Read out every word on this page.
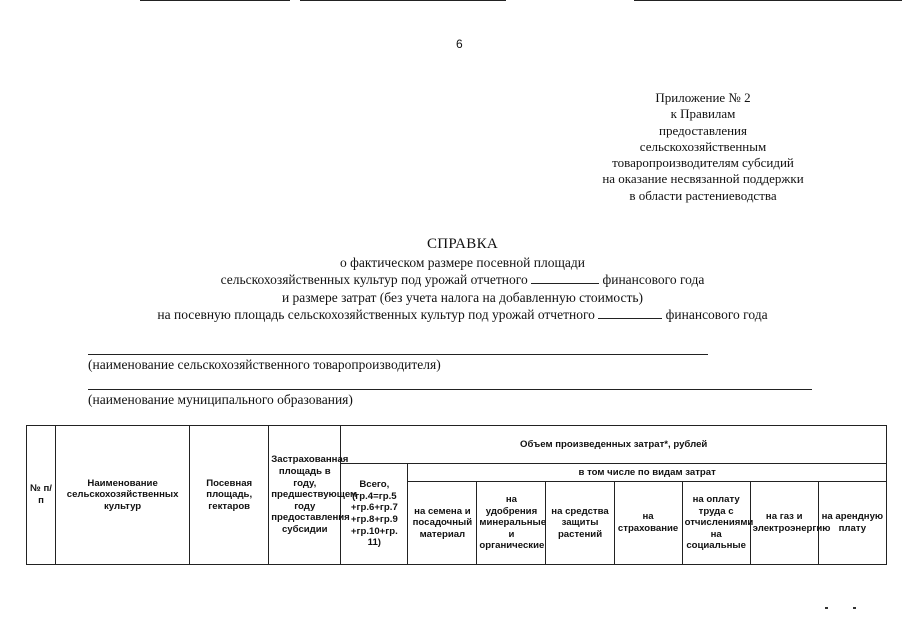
6
Приложение № 2
к Правилам
предоставления
сельскохозяйственным
товаропроизводителям субсидий
на оказание несвязанной поддержки
в области растениеводства
СПРАВКА
о фактическом размере посевной площади
сельскохозяйственных культур под урожай отчетного	финансового года
и размере затрат (без учета налога на добавленную стоимость)
на посевную площадь сельскохозяйственных культур под урожай отчетного	финансового года
(наименование сельскохозяйственного товаропроизводителя)
(наименование муниципального образования)
№ п/п	Наименование сельскохозяйственных культур	Посевная площадь, гектаров	Застрахованная площадь в году, предшествующем году предоставления субсидии	Объем произведенных затрат*, рублей							
				Всего, (гр.4=гр.5 +гр.6+гр.7 +гр.8+гр.9 +гр.10+гр. 11)	в том числе по видам затрат						
					на семена и посадочный материал	на удобрения минеральные и органические	на средства защиты растений	на страхование	на оплату труда с отчислениями на социальные	на газ и электроэнергию	на арендную плату
